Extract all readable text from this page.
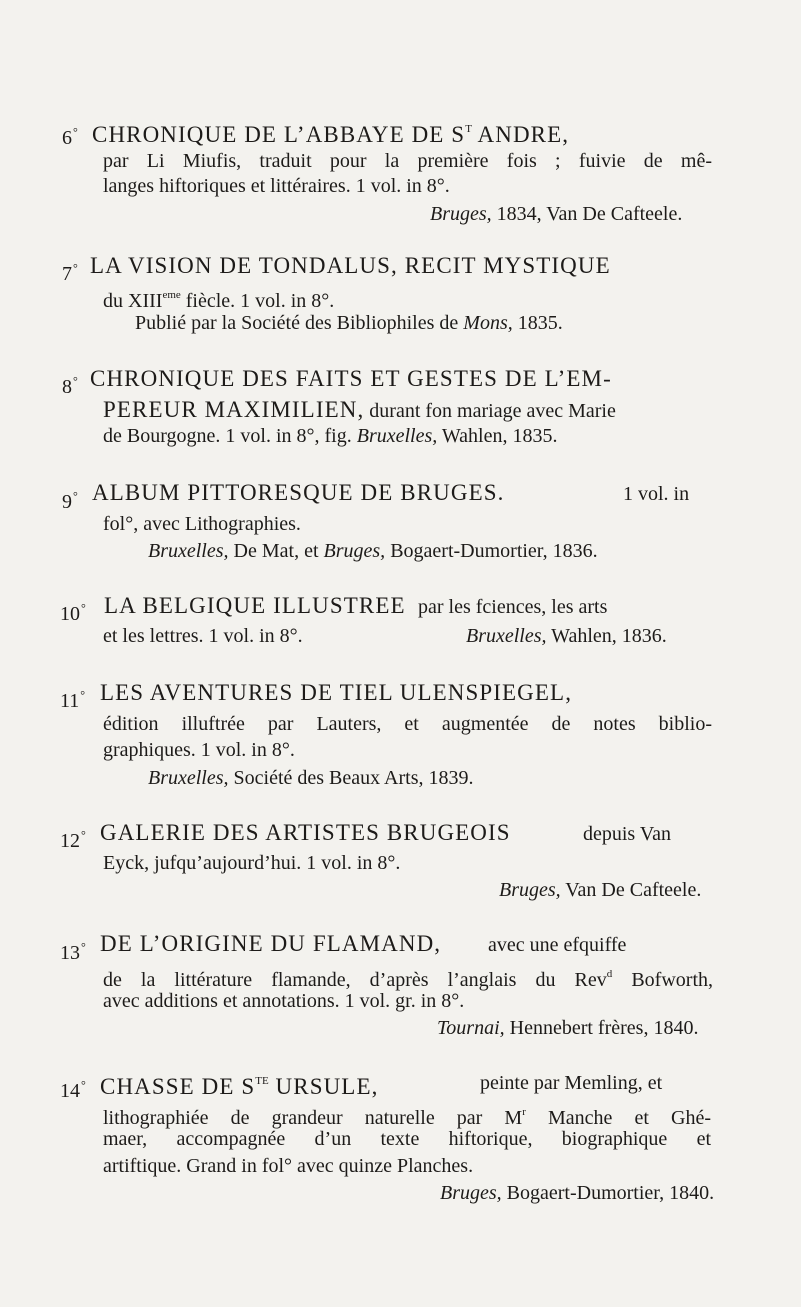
6° CHRONIQUE DE L’ABBAYE DE $S^T$ ANDRE,
par Li Miufis, traduit pour la première fois ; fuivie de mê-
langes hiftoriques et littéraires. 1 vol. in 8°.
Bruges, 1834, Van De Cafteele.
7° LA VISION DE TONDALUS, RECIT MYSTIQUE
du XIIIeme fiècle. 1 vol. in 8°.
Publié par la Société des Bibliophiles de Mons, 1835.
8° CHRONIQUE DES FAITS ET GESTES DE L’EM-
PEREUR MAXIMILIEN, durant fon mariage avec Marie
de Bourgogne. 1 vol. in 8°, fig. Bruxelles, Wahlen, 1835.
9° ALBUM PITTORESQUE DE BRUGES.	1 vol. in
fol°, avec Lithographies.
Bruxelles, De Mat, et Bruges, Bogaert-Dumortier, 1836.
10° LA BELGIQUE ILLUSTREE par les fciences, les arts
et les lettres. 1 vol. in 8°.	Bruxelles, Wahlen, 1836.
11° LES AVENTURES DE TIEL ULENSPIEGEL,
édition illuftrée par Lauters, et augmentée de notes biblio-
graphiques. 1 vol. in 8°.
Bruxelles, Société des Beaux Arts, 1839.
12° GALERIE DES ARTISTES BRUGEOIS	depuis Van
Eyck, jufqu’aujourd’hui. 1 vol. in 8°.
Bruges, Van De Cafteele.
13° DE L’ORIGINE DU FLAMAND, avec une efquiffe
de la littérature flamande, d’après l’anglais du Rev$^d$ Bofworth,
avec additions et annotations. 1 vol. gr. in 8°.
Tournai, Hennebert frères, 1840.
14° CHASSE DE $S^{TE}$ URSULE,	peinte par Memling, et
lithographiée de grandeur naturelle par $M^r$ Manche et Ghé-
maer, accompagnée d’un texte hiftorique, biographique et
artiftique. Grand in fol° avec quinze Planches.
Bruges, Bogaert-Dumortier, 1840.
